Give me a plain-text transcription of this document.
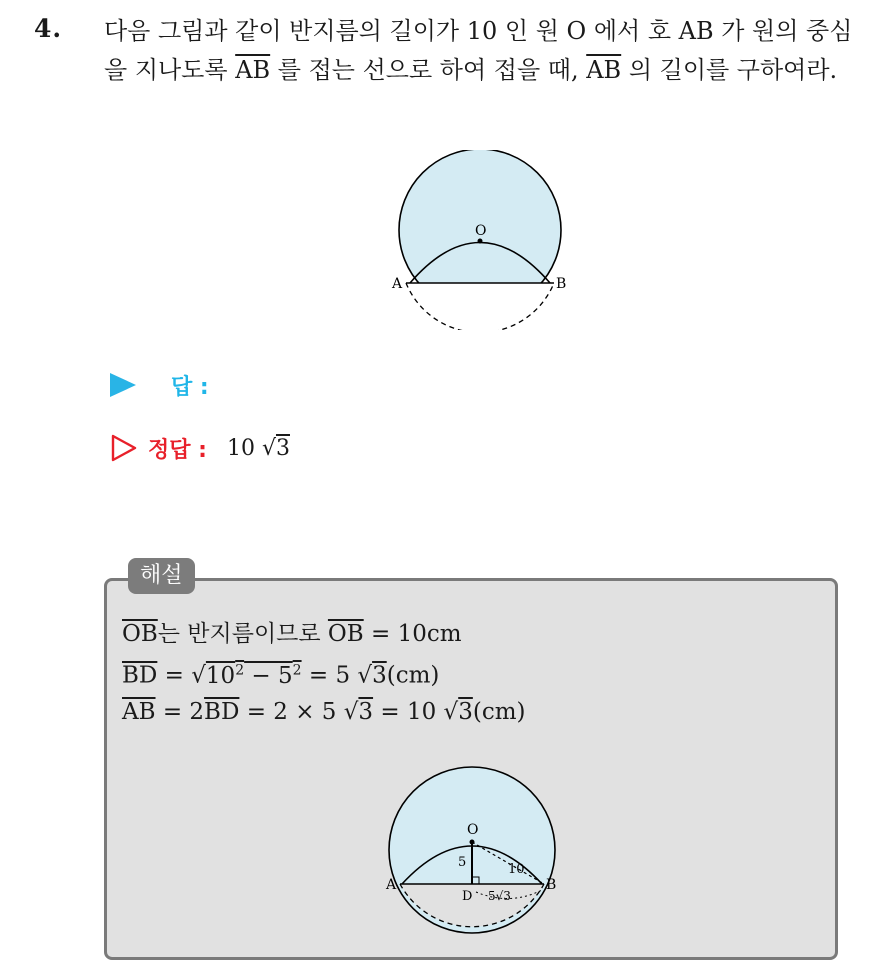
4. 다음 그림과 같이 반지름의 길이가 10 인 원 O 에서 호 AB 가 원의 중심을 지나도록 $\overline{AB}$ 를 접는 선으로 하여 접을 때, $\overline{AB}$ 의 길이를 구하여라.
O
A	B
답 :
정답 : 10 √3
해설
$\overline{OB}$는 반지름이므로 $\overline{OB} = 10cm$
$\overline{BD} = √10^2 - 5^2 = 5$ √3(cm)
$\overline{AB} = 2\overline{BD} = 2 \times 5$ √3 = 10 √3(cm)
O
A	B
D
5	10
5√3
